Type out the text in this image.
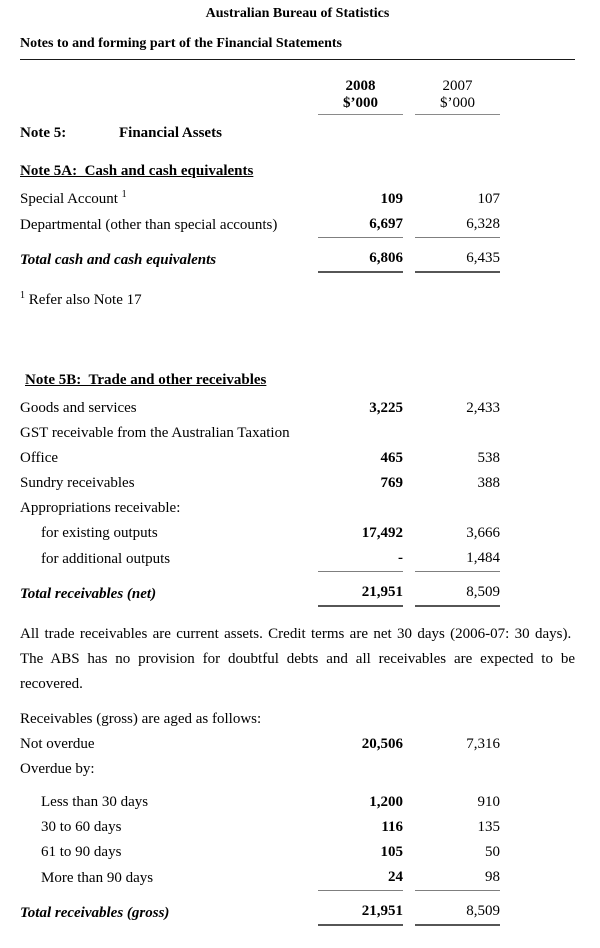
Australian Bureau of Statistics
Notes to and forming part of the Financial Statements
2008
$’000
2007
$’000
Note 5:	Financial Assets
Note 5A:  Cash and cash equivalents
Special Account $^1$	109	107
Departmental (other than special accounts)	6,697	6,328
Total cash and cash equivalents	6,806	6,435
$^1$ Refer also Note 17
Note 5B:  Trade and other receivables
Goods and services	3,225	2,433
GST receivable from the Australian Taxation Office	465	538
Sundry receivables	769	388
Appropriations receivable:
for existing outputs	17,492	3,666
for additional outputs	-	1,484
Total receivables (net)	21,951	8,509
All trade receivables are current assets. Credit terms are net 30 days (2006-07: 30 days).  The ABS has no provision for doubtful debts and all receivables are expected to be recovered.
Receivables (gross) are aged as follows:
Not overdue	20,506	7,316
Overdue by:
Less than 30 days	1,200	910
30 to 60 days	116	135
61 to 90 days	105	50
More than 90 days	24	98
Total receivables (gross)	21,951	8,509
